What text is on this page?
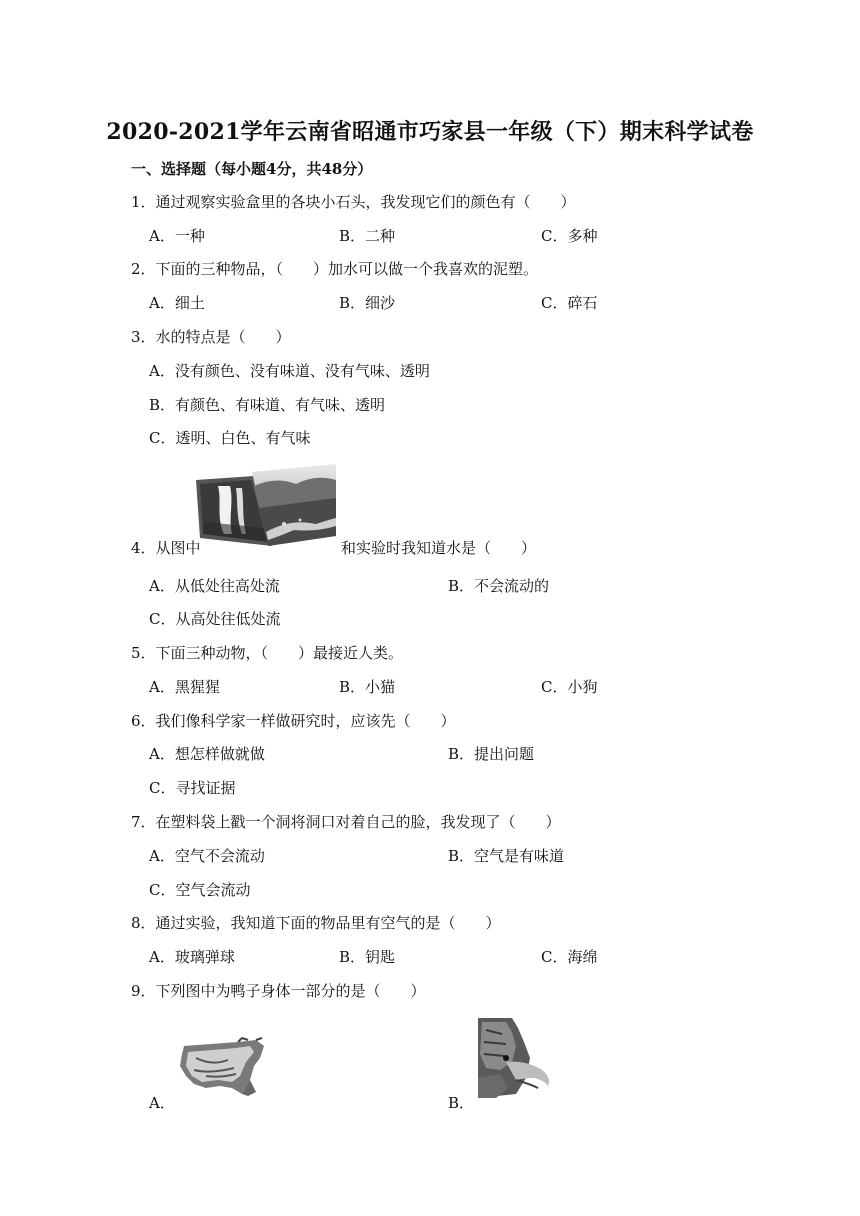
2020-2021学年云南省昭通市巧家县一年级（下）期末科学试卷
一、选择题（每小题4分，共48分）
1．通过观察实验盒里的各块小石头，我发现它们的颜色有（　　）
A．一种	B．二种	C．多种
2．下面的三种物品，（　　）加水可以做一个我喜欢的泥塑。
A．细土	B．细沙	C．碎石
3．水的特点是（　　）
A．没有颜色、没有味道、没有气味、透明
B．有颜色、有味道、有气味、透明
C．透明、白色、有气味
4．从图中	和实验时我知道水是（　　）
A．从低处往高处流	B．不会流动的
C．从高处往低处流
5．下面三种动物，（　　）最接近人类。
A．黑猩猩	B．小猫	C．小狗
6．我们像科学家一样做研究时，应该先（　　）
A．想怎样做就做	B．提出问题
C．寻找证据
7．在塑料袋上戳一个洞将洞口对着自己的脸，我发现了（　　）
A．空气不会流动	B．空气是有味道
C．空气会流动
8．通过实验，我知道下面的物品里有空气的是（　　）
A．玻璃弹球	B．钥匙	C．海绵
9．下列图中为鸭子身体一部分的是（　　）
A．	B．
